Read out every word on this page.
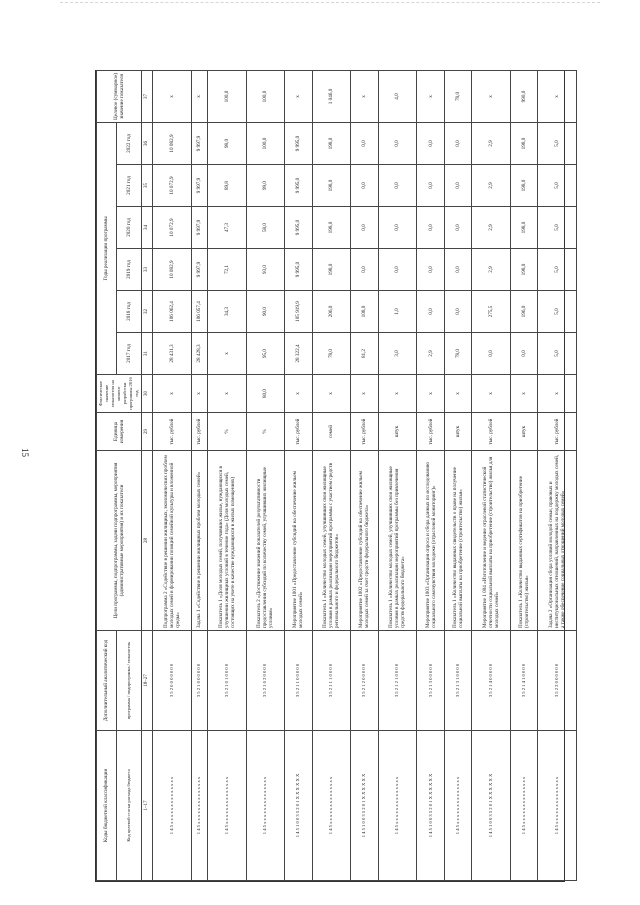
15
Коды бюджетной классификации	Дополнительный аналитический код	Цели программы, подпрограммы, задачи подпрограммы, мероприятия (административные мероприятия) и их показатели	Единица измерения	Фактическое значение показателя на момент разработки программы 2016 год	Годы реализации программы						Целевое (суммарное) значение показателя
Код целевой статьи расхода бюджета	программа / подпрограмма / показатель				2017 год	2018 год	2019 год	2020 год	2021 год	2022 год	
1–17	18–27	28	29	30	31	32	33	34	35	36	37
1 4 5 х х х х х х х х х х х х х х	3 5 2 0 0 0 0 0 0 0	Подпрограмма 2 «Содействие в решении жилищных, экономических проблем молодых семей в формировании позиций семейной культуры и вложенной среды»	тыс. рублей	х	28 431,3	106 062,4	10 082,9	10 072,9	10 072,9	10 082,9	х
1 4 5 х х х х х х х х х х х х х х	3 5 2 1 0 0 0 0 0 0	Задача 1 «Содействие в решении жилищных проблем молодых семей»	тыс. рублей	х	28 428,3	106 057,4	9 997,9	9 997,9	9 997,9	9 997,9	х
1 4 5 х х х х х х х х х х х х х х	3 5 2 1 0 1 0 0 0 0	Показатель 1 «Доля молодых семей, получивших жилье, нуждающихся в улучшении жилищных условий в течение года» (Доля молодых семей, состоящих на учете в качестве нуждающихся в жилых помещениях)	%	х	х	34,3	72,1	47,3	89,8	98,0	100,0
1 4 5 х х х х х х х х х х х х х х	3 5 2 1 0 2 0 0 0 0	Показатель 2 «Достижение значений показателей результативности предоставления субсидий по количеству семей, улучшивших жилищные условия»	%	80,0	95,0	90,0	93,0	58,0	99,0	100,0	100,0
1 4 5 1 0 0 3 5 2 0 1 Х Х Х Х Х Х	3 5 2 1 1 0 0 0 0 0	Мероприятие 1001 «Предоставление субсидий на обеспечение жильем молодых семей»	тыс. рублей	х	28 322,4	105 919,9	9 995,0	9 995,0	9 995,0	9 995,0	х
1 4 5 х х х х х х х х х х х х х х	3 5 2 1 1 1 0 0 0 0	Показатель 1 «Количество молодых семей, улучшивших свои жилищные условия в рамках реализации мероприятий программы с участием средств регионального и федерального бюджетов»	семей	х	78,0	206,0	198,0	198,0	198,0	198,0	1 046,0
1 4 5 1 0 0 3 5 2 0 1 Х Х Х Х Х Х	3 5 2 1 2 0 0 0 0 0	Мероприятие 1002 «Предоставление субсидий на обеспечение жильем молодых семей за счет средств федерального бюджета»	тыс. рублей	х	81,2	108,0	0,0	0,0	0,0	0,0	х
1 4 5 х х х х х х х х х х х х х х	3 5 2 1 2 1 0 0 0 0	Показатель 1 «Количество молодых семей, улучшивших свои жилищные условия в рамках реализации мероприятий программы без привлечения средств федерального бюджета»	штук	х	3,0	1,0	0,0	0,0	0,0	0,0	4,0
1 4 5 1 0 0 3 5 2 0 1 Х Х Х Х Х Х	3 5 2 1 3 0 0 0 0 0	Мероприятие 1003 «Организация опроса и сбора данных по исследованию социального самочувствия молодежи (отраслевой мониторинг)»	тыс. рублей	х	2,9	0,0	0,0	0,0	0,0	0,0	х
1 4 5 х х х х х х х х х х х х х х	3 5 2 1 3 1 0 0 0 0	Показатель 1 «Количество выданных свидетельств о праве на получение социальной выплаты на приобретение (строительство) жилья»	штук	х	78,0	0,0	0,0	0,0	0,0	0,0	78,0
1 4 5 1 0 0 3 5 2 0 1 Х Х Х Х Х Х	3 5 2 1 4 0 0 0 0 0	Мероприятие 1 004 «Изготовление и ведение отраслевой статистической отчетности социальной выплаты на приобретение (строительство) жилья для молодых семей»	тыс. рублей	х	0,0	275,5	2,9	2,9	2,9	2,9	х
1 4 5 х х х х х х х х х х х х х х	3 5 2 1 4 1 0 0 0 0	Показатель 1 «Количество выданных сертификатов на приобретение (строительство) жилья»	штук	х	0,0	196,0	198,0	198,0	198,0	198,0	990,0
1 4 5 х х х х х х х х х х х х х х	3 5 2 2 0 0 0 0 0 0	Задача 2 «Организация сбора условий молодой семьи, правовых и институциональных отношений, направленных на поддержку молодых семей, а также обеспечение социальных отношений молодых семей»	тыс. рублей	х	5,0	5,0	5,0	5,0	5,0	5,0	х
